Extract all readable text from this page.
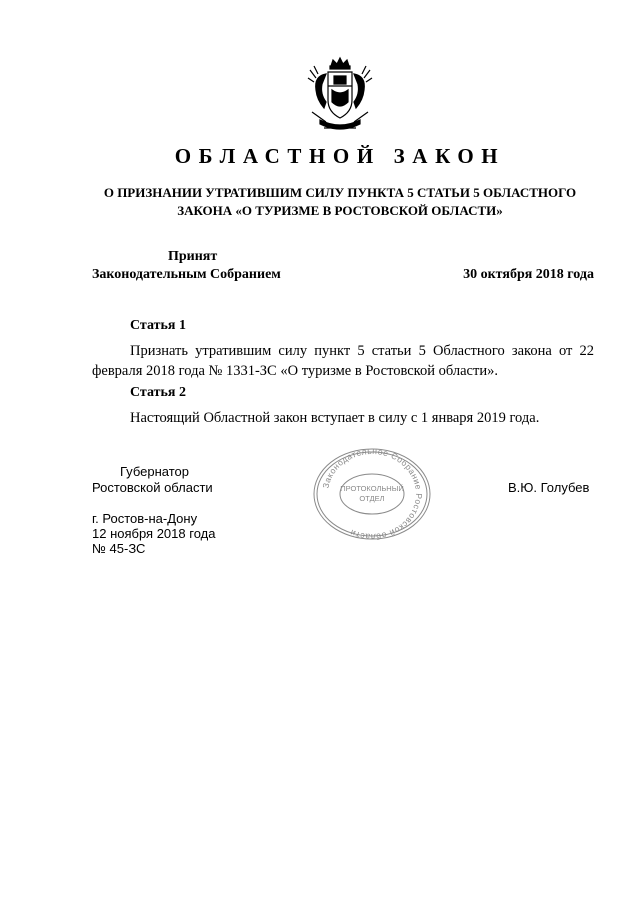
ОБЛАСТНОЙ ЗАКОН
О ПРИЗНАНИИ УТРАТИВШИМ СИЛУ ПУНКТА 5 СТАТЬИ 5 ОБЛАСТНОГО
ЗАКОНА «О ТУРИЗМЕ В РОСТОВСКОЙ ОБЛАСТИ»
Принят
Законодательным Собранием	30 октября 2018 года
Статья 1
Признать утратившим силу пункт 5 статьи 5 Областного закона от 22 февраля 2018 года № 1331-ЗС «О туризме в Ростовской области».
Статья 2
Настоящий Областной закон вступает в силу с 1 января 2019 года.
Губернатор
Ростовской области	В.Ю. Голубев
г. Ростов-на-Дону
12 ноября 2018 года
№ 45-ЗС
Законодательное Собрание Ростовской области
ПРОТОКОЛЬНЫЙ
ОТДЕЛ
